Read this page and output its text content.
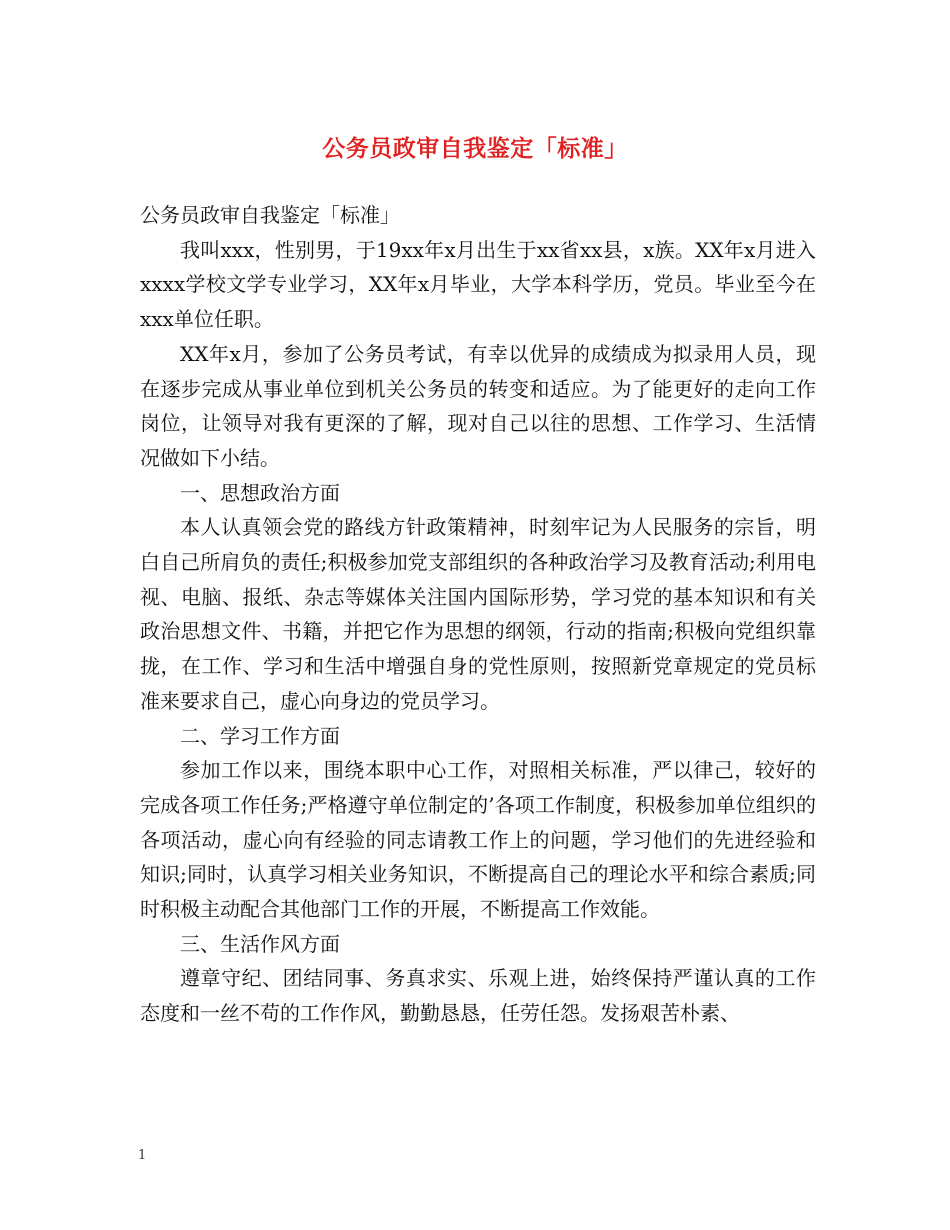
公务员政审自我鉴定「标准」

公务员政审自我鉴定「标准」

我叫xxx，性别男，于19xx年x月出生于xx省xx县，x族。XX年x月进入xxxx学校文学专业学习，XX年x月毕业，大学本科学历，党员。毕业至今在xxx单位任职。

XX年x月，参加了公务员考试，有幸以优异的成绩成为拟录用人员，现在逐步完成从事业单位到机关公务员的转变和适应。为了能更好的走向工作岗位，让领导对我有更深的了解，现对自己以往的思想、工作学习、生活情况做如下小结。

一、思想政治方面

本人认真领会党的路线方针政策精神，时刻牢记为人民服务的宗旨，明白自己所肩负的责任;积极参加党支部组织的各种政治学习及教育活动;利用电视、电脑、报纸、杂志等媒体关注国内国际形势，学习党的基本知识和有关政治思想文件、书籍，并把它作为思想的纲领，行动的指南;积极向党组织靠拢，在工作、学习和生活中增强自身的党性原则，按照新党章规定的党员标准来要求自己，虚心向身边的党员学习。

二、学习工作方面

参加工作以来，围绕本职中心工作，对照相关标准，严以律己，较好的完成各项工作任务;严格遵守单位制定的’各项工作制度，积极参加单位组织的各项活动，虚心向有经验的同志请教工作上的问题，学习他们的先进经验和知识;同时，认真学习相关业务知识，不断提高自己的理论水平和综合素质;同时积极主动配合其他部门工作的开展，不断提高工作效能。

三、生活作风方面

遵章守纪、团结同事、务真求实、乐观上进，始终保持严谨认真的工作态度和一丝不苟的工作作风，勤勤恳恳，任劳任怨。发扬艰苦朴素、

1
